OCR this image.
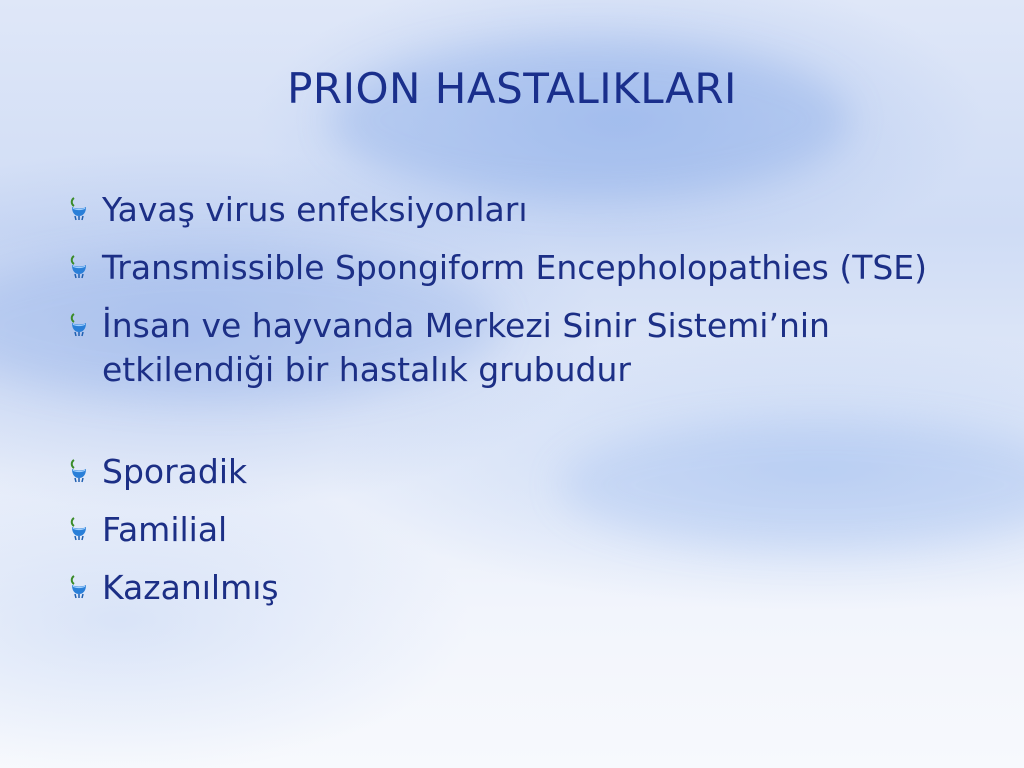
PRION HASTALIKLARI
Yavaş virus enfeksiyonları
Transmissible Spongiform Encepholopathies (TSE)
İnsan ve hayvanda Merkezi Sinir Sistemi’nin etkilendiği bir hastalık grubudur
Sporadik
Familial
Kazanılmış
